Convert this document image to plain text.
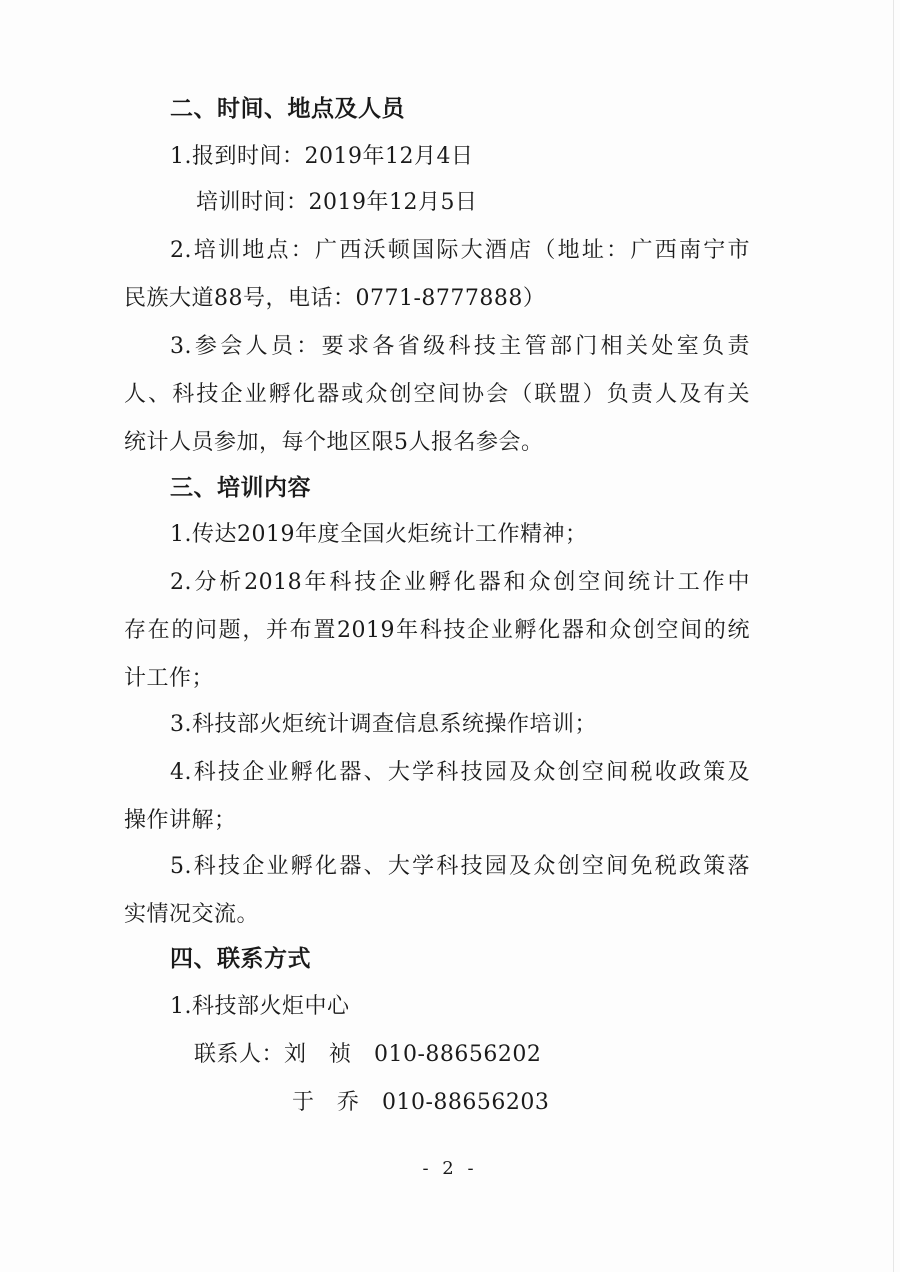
二、时间、地点及人员
1.报到时间：2019年12月4日
培训时间：2019年12月5日
2.培训地点：广西沃顿国际大酒店（地址：广西南宁市
民族大道88号，电话：0771-8777888）
3.参会人员：要求各省级科技主管部门相关处室负责
人、科技企业孵化器或众创空间协会（联盟）负责人及有关
统计人员参加，每个地区限5人报名参会。
三、培训内容
1.传达2019年度全国火炬统计工作精神；
2.分析2018年科技企业孵化器和众创空间统计工作中
存在的问题，并布置2019年科技企业孵化器和众创空间的统
计工作；
3.科技部火炬统计调查信息系统操作培训；
4.科技企业孵化器、大学科技园及众创空间税收政策及
操作讲解；
5.科技企业孵化器、大学科技园及众创空间免税政策落
实情况交流。
四、联系方式
1.科技部火炬中心
联系人：刘　祯　010-88656202
于　乔　010-88656203
- 2 -
